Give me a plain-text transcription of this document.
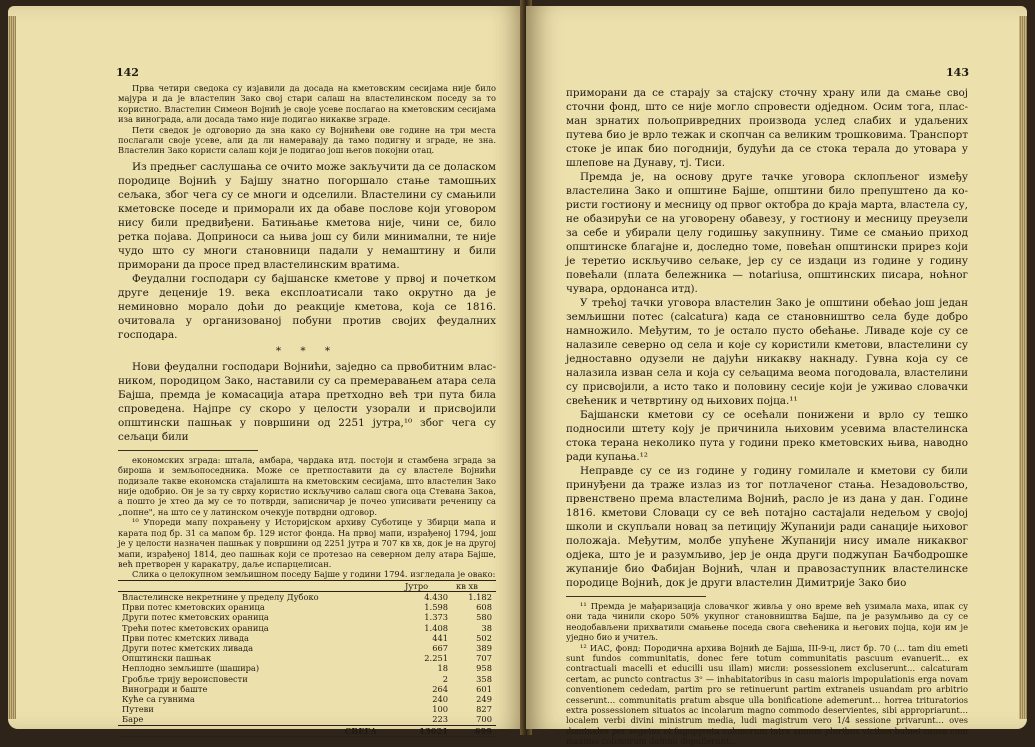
142

Прва четири сведока су изјавили да досада на кметовским сесијама није било мајура и да је властелин Зако свој стари салаш на властелинском поседу за то користио. Властелин Симеон Војнић је своје усеве послагао на кметовским сесијама изa винограда, али досада тамо није подигао никакве зграде.

Пети сведок је одговорио да зна како су Војнићеви ове године на три места послагали своје усеве, али да ли намеравају да тамо подигну и зграде, не зна. Властелин Зако користи салаш који је подигао још његов покојни отац.

Из предњег саслушања се очито може закључити да се доласком породице Војнић у Бајшу знатно погоршало стање тамошњих сељака, због чега су се многи и одселили. Властелини су смањили кметовске поседе и приморали их да обаве послове који уговором нису били предвиђени. Батињање кметова није, чини се, било ретка појава. Доприноси са њива још су били минимални, те није чудо што су многи становници падали у немаштину и били приморани да просе пред властелинским вратима.

Феудални господари су бајшанске кметове у првој и почетком друге деценије 19. века експлоатисали тако окрутно да је неминовно морало доћи до реакције кметова, која се 1816. очитовала у организованој побуни против својих феудалних господара.

* * *

Нови феудални господари Војнићи, заједно са првобитним власником, породицом Зако, наставили су са премеравањем атара села Бајша, премда је комасација атара претходно већ три пута била спроведена. Најпре су скоро у целости узорали и присвојили општински пашњак у површини од 2251 јутра,¹⁰ због чега су сељаци били

економских зграда: штала, амбара, чардака итд. постоји и стамбена зграда за бироша и земљопоседника. Може се претпоставити да су властеле Војнићи подизале такве економска стајалишта на кметовским сесијама, што властелин Зако није одобрио. Он је за ту сврху користио искључиво салаш свога оца Стевана Закоа, а пошто је хтео да му се то потврди, записничар је почео уписивати реченицу са „попне", на што се у латинском очекује потврдни одговор.

¹⁰ Упореди мапу похрањену у Историјском архиву Суботице у Збирци мапа и карата под бр. 31 са мапом бр. 129 истог фонда. На првој мапи, израђеној 1794, још је у целости назначен пашњак у површини од 2251 јутра и 707 кв хв, док је на другој мапи, израђеној 1814, део пашњак који се протезао на северном делу атара Бајше, већ претворен у каракатру, даље испарцелисан.

Слика о целокупном земљишном поседу Бајше у години 1794. изгледала је овако:

	Јутро	кв хв
Властелинске некретнине у пределу Дубоко	4.430	1.182
Први потес кметовских ораница	1.598	608
Други потес кметовских ораница	1.373	580
Трећи потес кметовских ораница	1.408	38
Први потес кметских ливада	441	502
Други потес кметских ливада	667	389
Општински пашњак	2.251	707
Неплодно земљиште (шашира)	18	958
Гробље трију вероисповести	2	358
Виногради и баште	264	601
Куће са гувнима	240	249
Путеви	100	827
Баре	223	700
СВЕГА	13021	699
143

приморани да се старају за стајску сточну храну или да смање свој сточни фонд, што се није могло спровести одједном. Осим тога, пласман зрнатих пољопривредних производа услед слабих и удаљених путева био је врло тежак и скопчан са великим трошковима. Транспорт стоке је ипак био погоднији, будући да се стока терала до утовара у шлепове на Дунаву, тј. Тиси.

Премда је, на основу друге тачке уговора склопљеног између властелина Зако и општине Бајше, општини било препуштено да користи гостиону и месницу од првог октобра до краја марта, властела су, не обазирући се на уговорену обавезу, у гостиону и месницу преузели за себе и убирали целу годишњу закупнину. Тиме се смањио приход општинске благајне и, доследно томе, повећан општински прирез који је теретио искључиво сељаке, јер су се издаци из године у годину повећали (плата бележника — notariusa, општинских писара, ноћног чувара, ордонанса итд).

У трећој тачки уговора властелин Зако је општини обећао још један земљишни потес (calcatura) када се становништво села буде добро намножило. Међутим, то је остало пусто обећање. Ливаде које су се налазиле северно од села и које су користили кметови, властелини су једноставно одузели не дајући никакву накнаду. Гувна која су се налазила изван села и која су сељацима веома погодовала, властелини су присвојили, а исто тако и половину сесије који је уживао словачки свећеник и четвртину од њихових појца.¹¹

Бајшански кметови су се осећали понижени и врло су тешко подносили штету коју је причинила њиховим усевима властелинска стока терана неколико пута у години преко кметовских њива, наводно ради купања.¹²

Неправде су се из године у годину гомилале и кметови су били принуђени да траже излаз из тог потлаченог стања. Незадовољство, првенствено према властелима Војнић, расло је из дана у дан. Године 1816. кметови Словаци су се већ потајно састајали недељом у својој школи и скупљали новац за петицију Жупанији ради санације њиховог положаја. Међутим, молбе упућене Жупанији нису имале никаквог одјека, што је и разумљиво, јер је онда други поджупан Бачбодрошке жупаније био Фабијан Војнић, члан и правозаступник властелинске породице Војнић, док је други властелин Димитрије Зако био

¹¹ Премда је мађаризација словачког живља у оно време већ узимала маха, ипак су они тада чинили скоро 50% укупног становништва Бајше, па је разумљиво да су се неодобављени прихватили смањење поседа свога свећеника и његових појца, који им је уједно био и учитељ.

¹² ИАС, фонд: Породична архива Војнић де Бајша, III-9-ц, лист бр. 70 (… tam diu emeti sunt fundos communitatis, donec fere totum communitatis pascuum evanuerit… ex contractuali macelli et educilli usu illam) мисли: possessionem excluserunt… calcaturam certam, ac puncto contractus 3ᵒ — inhabitatoribus in casu maioris impopulationis erga novam conventionem cededam, partim pro se retinuerunt partim extraneis usuandam pro arbitrio cesserunt… communitatis pratum absque ulla bonificatione ademerunt… horrea trituratorios extra possessionem situatos ac incolarum magno commodo deservientes, sibi appropriarunt… localem verbi divini ministrum media, ludi magistrum vero 1/4 sessione privarunt… oves dominales per segetes et fagopyreta colonorum intra annum pluribus vicibus balnei causa cum maximo colonorum damno depullerunt…
